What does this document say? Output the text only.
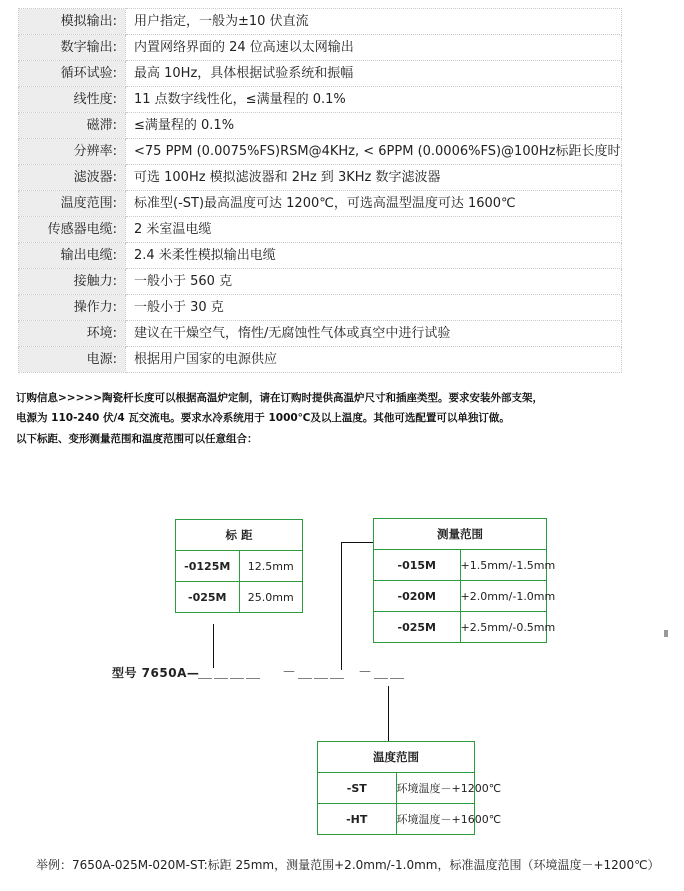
模拟输出:	用户指定，一般为±10 伏直流
数字输出:	内置网络界面的 24 位高速以太网输出
循环试验:	最高 10Hz，具体根据试验系统和振幅
线性度:	11 点数字线性化，≤满量程的 0.1%
磁滞:	≤满量程的 0.1%
分辨率:	<75 PPM (0.0075%FS)RSM@4KHz, < 6PPM (0.0006%FS)@100Hz标距长度时
滤波器:	可选 100Hz 模拟滤波器和 2Hz 到 3KHz 数字滤波器
温度范围:	标准型(-ST)最高温度可达 1200℃，可选高温型温度可达 1600℃
传感器电缆:	2 米室温电缆
输出电缆:	2.4 米柔性模拟输出电缆
接触力:	一般小于 560 克
操作力:	一般小于 30 克
环境:	建议在干燥空气，惰性/无腐蚀性气体或真空中进行试验
电源:	根据用户国家的电源供应
订购信息>>>>>陶瓷杆长度可以根据高温炉定制，请在订购时提供高温炉尺寸和插座类型。要求安装外部支架，
电源为 110-240 伏/4 瓦交流电。要求水冷系统用于 1000℃及以上温度。其他可选配置可以单独订做。
以下标距、变形测量范围和温度范围可以任意组合：
标 距	
-0125M	12.5mm
-025M	25.0mm
测量范围	
-015M	+1.5mm/-1.5mm
-020M	+2.0mm/-1.0mm
-025M	+2.5mm/-0.5mm
温度范围	
-ST	环境温度－+1200℃
-HT	环境温度－+1600℃
型号 7650A—
＿＿＿＿ －＿＿＿ －＿＿
举例：7650A-025M-020M-ST:标距 25mm，测量范围+2.0mm/-1.0mm，标准温度范围（环境温度－+1200℃）
